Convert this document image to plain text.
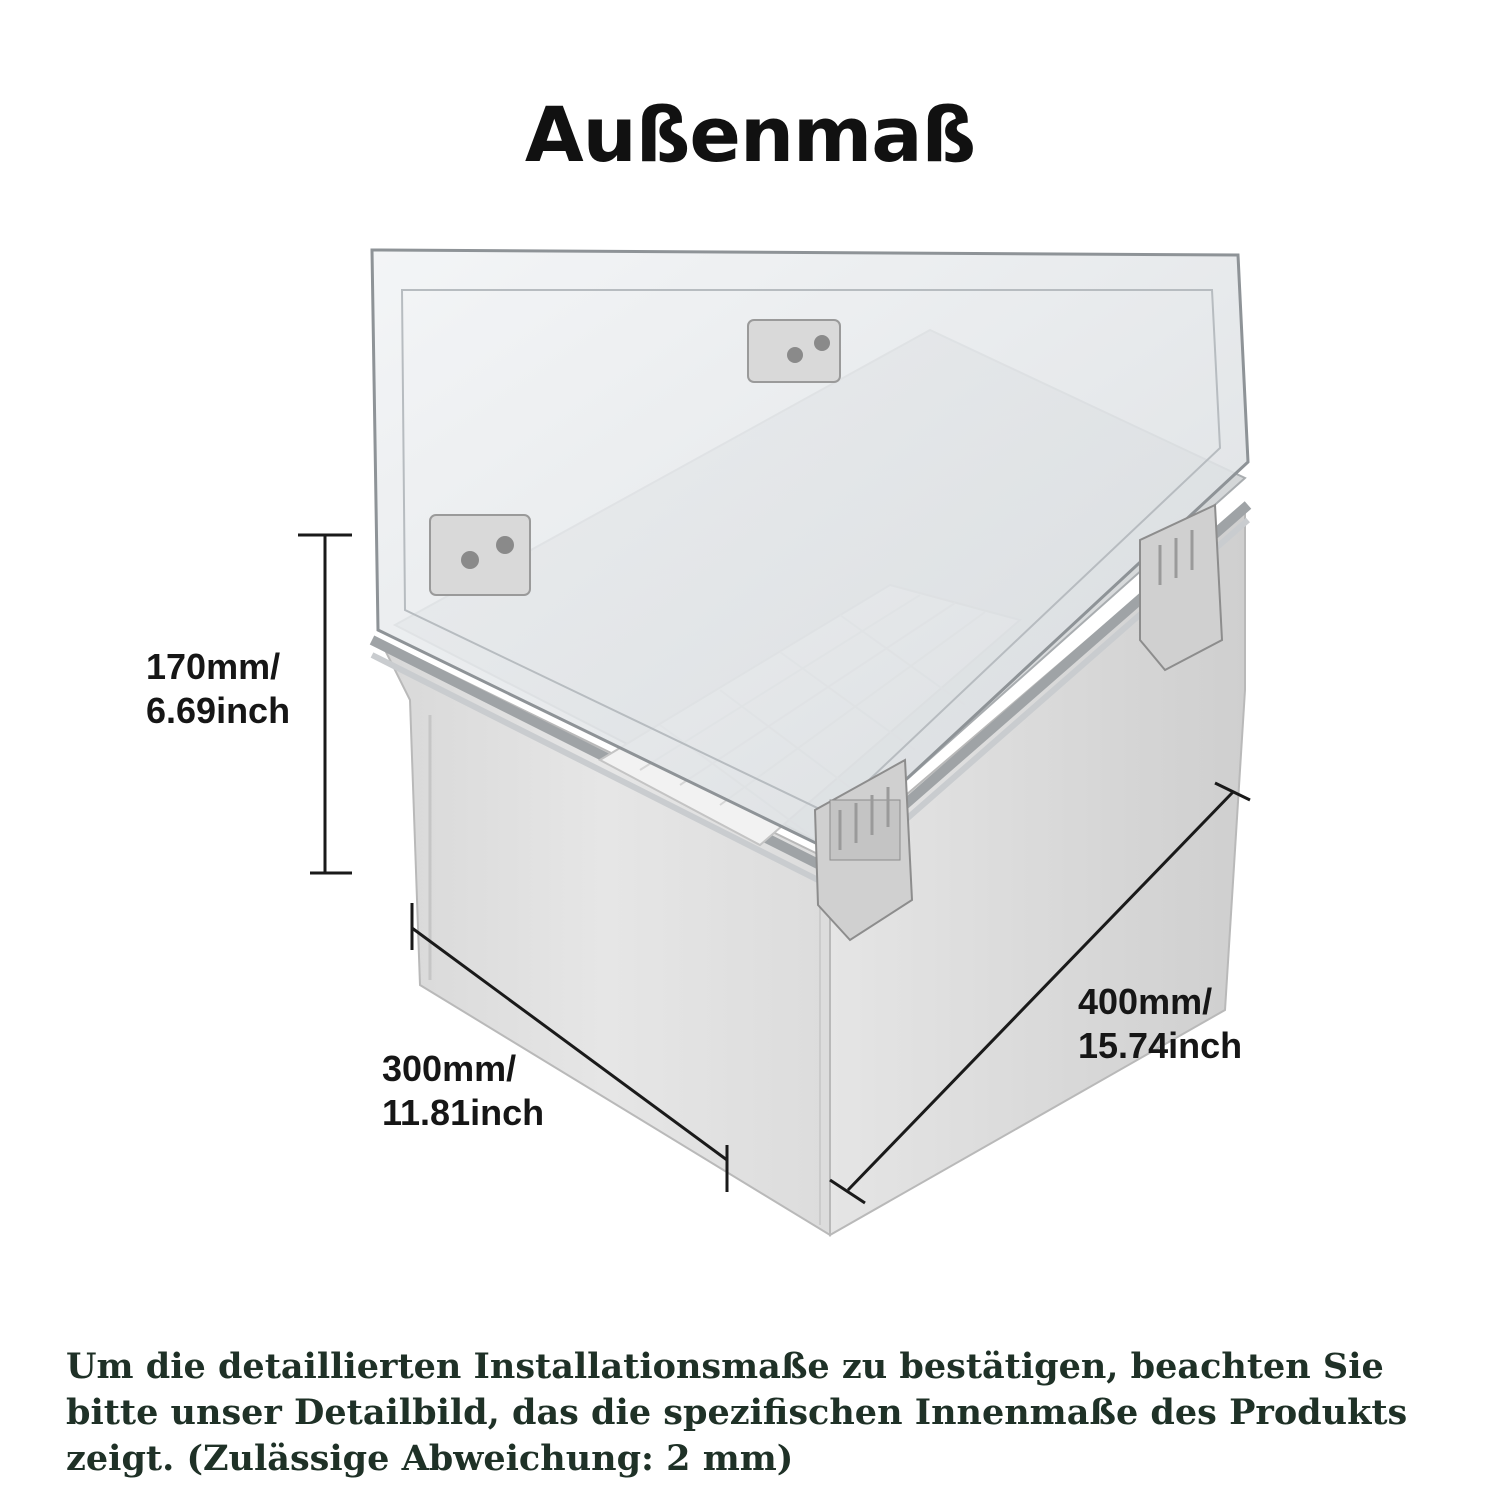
Außenmaß
170mm/
6.69inch
300mm/
11.81inch
400mm/
15.74inch

Um die detaillierten Installationsmaße zu bestätigen, beachten Sie bitte unser Detailbild, das die spezifischen Innenmaße des Produkts zeigt. (Zulässige Abweichung: 2 mm)
